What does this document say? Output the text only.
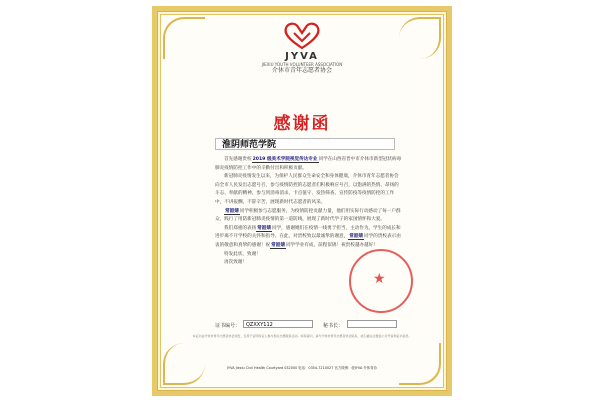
JYVA
JIEXIU YOUTH VOLUNTEER ASSOCIATION
介休市青年志愿者协会
感谢函
淮阴师范学院

首先感谢贵校2019 级美术学院视觉传达专业同学在山西省晋中市介休市新型冠状病毒肺炎疫情防控工作中的辛勤付出和积极贡献。

新冠肺炎疫情发生以来，为保护人民群众生命安全和身体健康，介休市青年志愿者协会向全市人民发出志愿号召，参与疫情防控的志愿者们积极响应号召，以饱满的热情、昂扬的斗志、奉献的精神、参与到消毒消杀、卡点值守、发热筛查、宣传防疫等疫情防控的工作中，不讲报酬，不辞辛苦，展现新时代志愿者的风采。

常韶婧同学积极参与志愿服务，为疫情防控贡献力量，他们用实际行动感动了每一户群众，践行了用防新冠肺炎疫情的第一道防线，展现了新时代学子的家国情怀和大爱。

我们郑重的表扬常韶婧同学，感谢她们在疫情一线勇于担当，主动作为。学生的成长和进步离不开学校的关怀和指导。在此，对贵校致以最诚挚的谢意，常韶婧同学的贵校表示由衷的敬意和真挚的感谢！祝常韶婧同学学业有成，前程似锦！祝贵校越办越好！

特发此状，致谢！

再次致谢！

证书编号：	QZXXY112	秘书长：
★
本证书由介休市青年志愿者协会颁发，仅用于证明持证人参与相关志愿服务活动。如有疑问，请与介休市青年志愿者协会联系，或扫描关注微信公众号查询证书信息。
JYVA Jiexiu Civil Health Courtyard 032000 电话：0354-7210027 官方微博：@JYVA 介休青协
